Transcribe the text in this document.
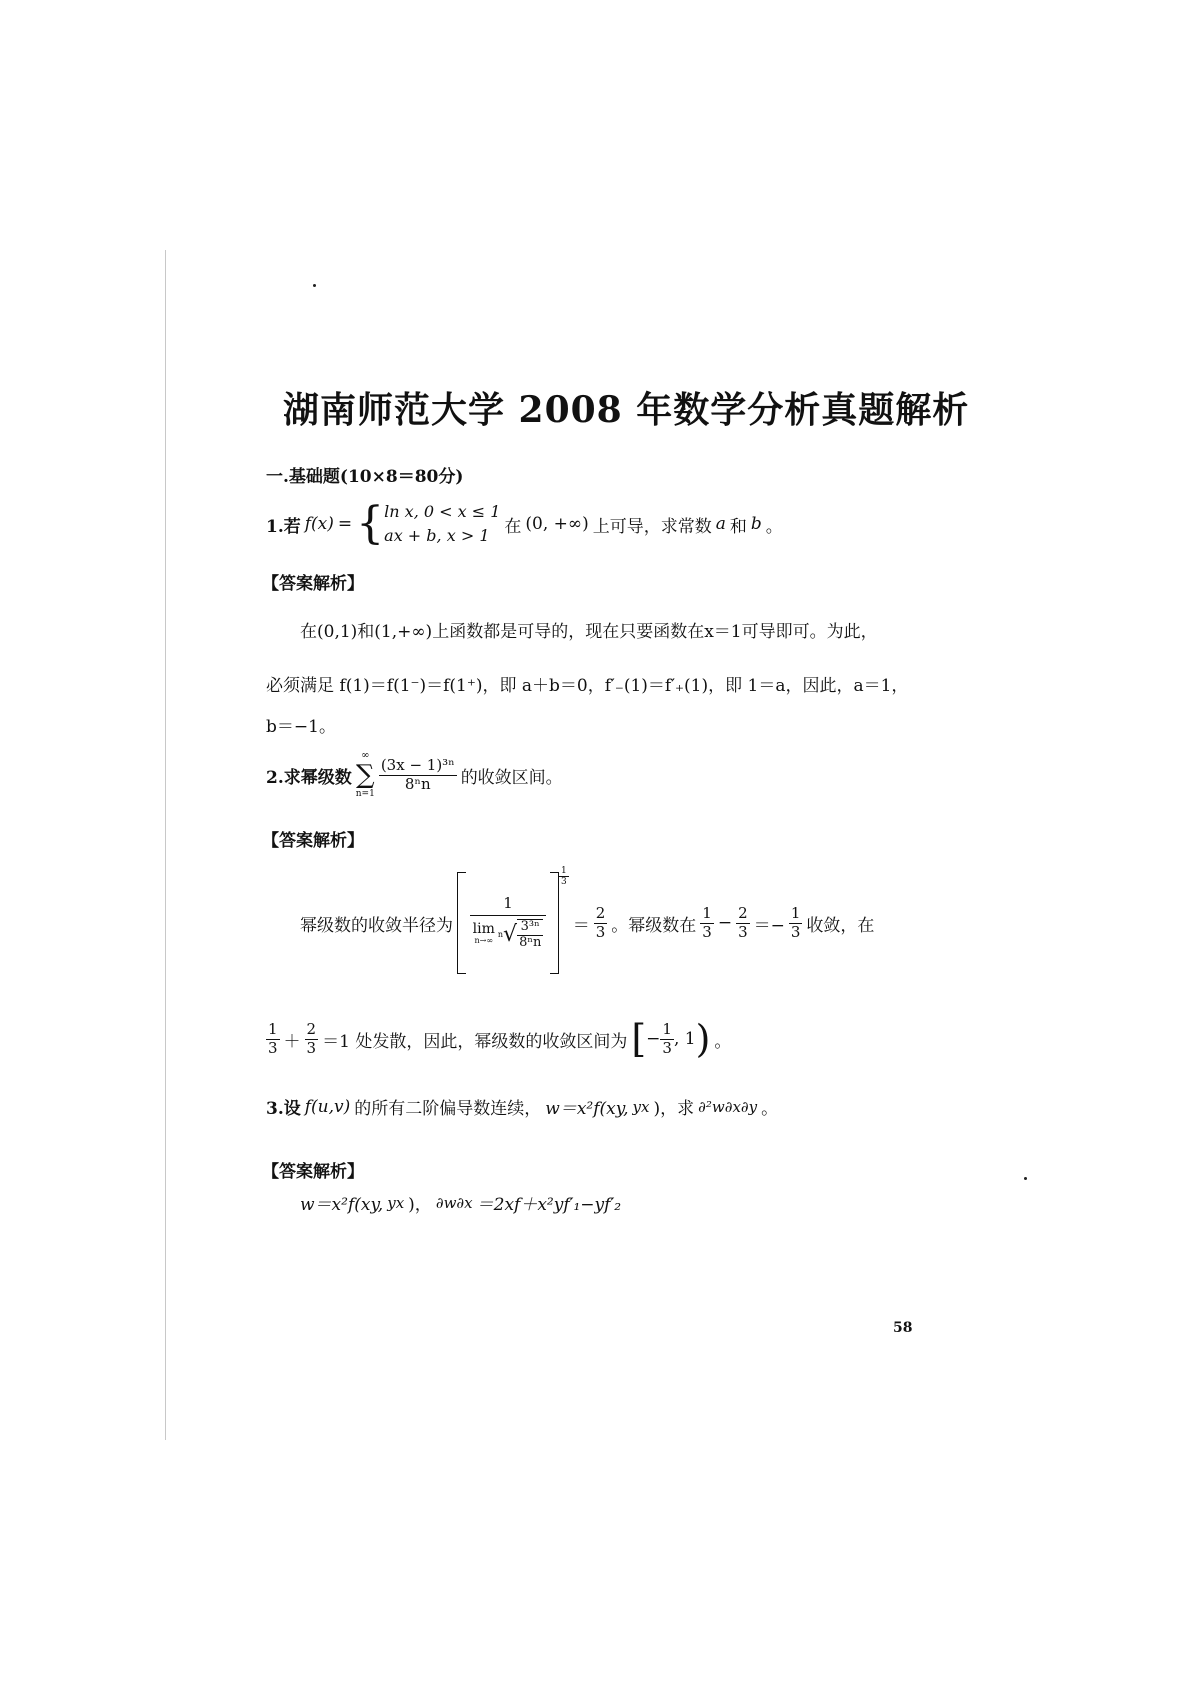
湖南师范大学 2008 年数学分析真题解析
一.基础题(10×8＝80分)
1.若 f(x) = { ln x, 0 < x ≤ 1
ax + b, x > 1 在 (0, +∞) 上可导，求常数 a 和 b 。
【答案解析】
在(0,1)和(1,+∞)上函数都是可导的，现在只要函数在x＝1可导即可。为此，
必须满足 f(1)＝f(1⁻)＝f(1⁺)，即 a＋b＝0，f′₋(1)＝f′₊(1)，即 1＝a，因此，a＝1，
b＝−1。
2.求幂级数
∞
∑
n=1
$\frac{\text{(3x − 1)³ⁿ}}{\text{8ⁿn}}$ 的收敛区间。
【答案解析】
幂级数的收敛半径为
1
lim
n→∞
n √ $\frac{\text{3³ⁿ}}{\text{8ⁿn}}$
$\frac{1}{3}$
＝ $\frac{2}{3}$ 。幂级数在 $\frac{1}{3} - \frac{2}{3} =- \frac{1}{3}$ 收敛，在
$\frac{1}{3} + \frac{2}{3} =1$ 处发散，因此，幂级数的收敛区间为 [ − $\frac{1}{3}$ , 1 ) 。
3.设 f(u,v) 的所有二阶偏导数连续， w＝x²f(xy, yx )，求 ∂²w∂x∂y 。
【答案解析】
w＝x²f(xy, yx )， ∂w∂x ＝2xf＋x²yf′₁−yf′₂
58
